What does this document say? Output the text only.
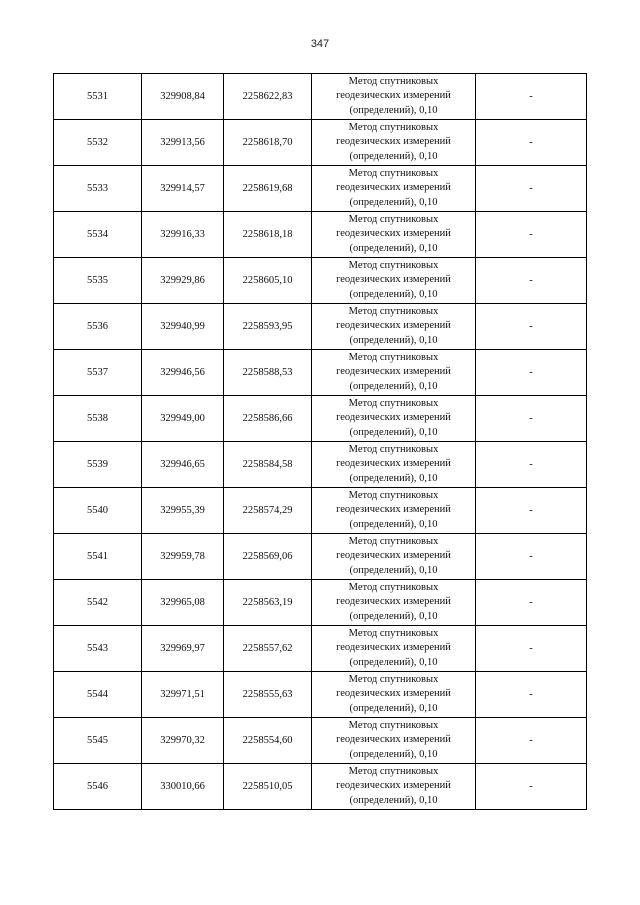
347
5531	329908,84	2258622,83	Метод спутниковых
геодезических измерений
(определений), 0,10	-
5532	329913,56	2258618,70	Метод спутниковых
геодезических измерений
(определений), 0,10	-
5533	329914,57	2258619,68	Метод спутниковых
геодезических измерений
(определений), 0,10	-
5534	329916,33	2258618,18	Метод спутниковых
геодезических измерений
(определений), 0,10	-
5535	329929,86	2258605,10	Метод спутниковых
геодезических измерений
(определений), 0,10	-
5536	329940,99	2258593,95	Метод спутниковых
геодезических измерений
(определений), 0,10	-
5537	329946,56	2258588,53	Метод спутниковых
геодезических измерений
(определений), 0,10	-
5538	329949,00	2258586,66	Метод спутниковых
геодезических измерений
(определений), 0,10	-
5539	329946,65	2258584,58	Метод спутниковых
геодезических измерений
(определений), 0,10	-
5540	329955,39	2258574,29	Метод спутниковых
геодезических измерений
(определений), 0,10	-
5541	329959,78	2258569,06	Метод спутниковых
геодезических измерений
(определений), 0,10	-
5542	329965,08	2258563,19	Метод спутниковых
геодезических измерений
(определений), 0,10	-
5543	329969,97	2258557,62	Метод спутниковых
геодезических измерений
(определений), 0,10	-
5544	329971,51	2258555,63	Метод спутниковых
геодезических измерений
(определений), 0,10	-
5545	329970,32	2258554,60	Метод спутниковых
геодезических измерений
(определений), 0,10	-
5546	330010,66	2258510,05	Метод спутниковых
геодезических измерений
(определений), 0,10	-
